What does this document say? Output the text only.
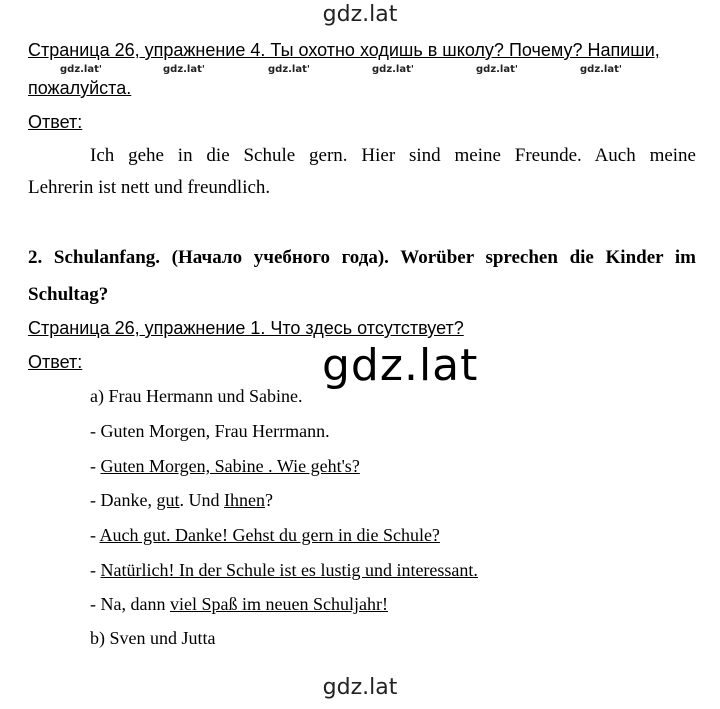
gdz.lat
gdz.lat'	gdz.lat'	gdz.lat'	gdz.lat'	gdz.lat'	gdz.lat'
Страница 26, упражнение 4. Ты охотно ходишь в школу? Почему? Напиши,
пожалуйста.
Ответ:
Ich gehe in die Schule gern. Hier sind meine Freunde. Auch meine
Lehrerin ist nett und freundlich.
2. Schulanfang. (Начало учебного года). Worüber sprechen die Kinder im
Schultag?
Страница 26, упражнение 1. Что здесь отсутствует?
Ответ:	gdz.lat
a) Frau Hermann und Sabine.
- Guten Morgen, Frau Herrmann.
- Guten Morgen, Sabine . Wie geht's?
- Danke, gut. Und Ihnen?
- Auch gut. Danke! Gehst du gern in die Schule?
- Natürlich! In der Schule ist es lustig und interessant.
- Na, dann viel Spaß im neuen Schuljahr!
b) Sven und Jutta
gdz.lat
